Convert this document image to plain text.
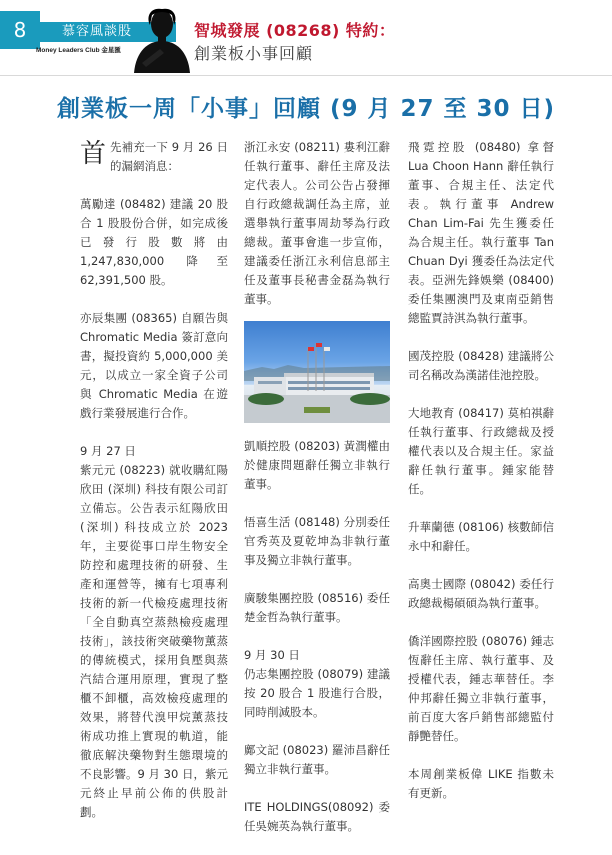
8	慕容風談股
Money Leaders Club 金星匯
智城發展 (08268) 特約：
創業板小事回顧
創業板一周「小事」回顧 (9 月 27 至 30 日)

首先補充一下 9 月 26 日的漏網消息：

萬勵達 (08482) 建議 20 股合 1 股股份合併，如完成後已發行股數將由 1,247,830,000 降至 62,391,500 股。

亦辰集團 (08365) 自願告與 Chromatic Media 簽訂意向書，擬投資約 5,000,000 美元，以成立一家全資子公司與 Chromatic Media 在遊戲行業發展進行合作。

9 月 27 日

紫元元 (08223) 就收購紅陽欣田 (深圳) 科技有限公司訂立備忘。公告表示紅陽欣田 (深圳) 科技成立於 2023 年，主要從事口岸生物安全防控和處理技術的研發、生產和運營等，擁有七項專利技術的新一代檢疫處理技術「全自動真空蒸熱檢疫處理技術」，該技術突破藥物薰蒸的傳統模式，採用負壓與蒸汽結合運用原理，實現了整櫃不卸櫃，高效檢疫處理的效果，將替代溴甲烷薰蒸技術成功推上實現的軌道，能徹底解決藥物對生態環境的不良影響。9 月 30 日，紫元元終止早前公佈的供股計劃。

浙江永安 (08211) 婁利江辭任執行董事、辭任主席及法定代表人。公司公告占發揮自行政總裁調任為主席，並選舉執行董事周劫琴為行政總裁。董事會進一步宣佈，建議委任浙江永利信息部主任及董事長秘書金磊為執行董事。

凱順控股 (08203) 黃潤權由於健康問題辭任獨立非執行董事。

悟喜生活 (08148) 分別委任官秀英及夏乾坤為非執行董事及獨立非執行董事。

廣駿集團控股 (08516) 委任楚金哲為執行董事。

9 月 30 日

仍志集團控股 (08079) 建議按 20 股合 1 股進行合股，同時削減股本。

鄺文記 (08023) 羅沛昌辭任獨立非執行董事。

ITE HOLDINGS(08092) 委任吳婉英為執行董事。

飛霓控股 (08480) 拿督 Lua Choon Hann 辭任執行董事、合規主任、法定代表。執行董事 Andrew Chan Lim-Fai 先生獲委任為合規主任。執行董事 Tan Chuan Dyi 獲委任為法定代表。亞洲先鋒娛樂 (08400) 委任集團澳門及東南亞銷售總監賈詩淇為執行董事。

國茂控股 (08428) 建議將公司名稱改為漢諾佳池控股。

大地教育 (08417) 莫柏祺辭任執行董事、行政總裁及授權代表以及合規主任。家益辭任執行董事。鍾家能替任。

升華蘭德 (08106) 核數師信永中和辭任。

高奧士國際 (08042) 委任行政總裁楊碩碩為執行董事。

僑洋國際控股 (08076) 鍾志恆辭任主席、執行董事、及授權代表，鍾志華替任。李仲邦辭任獨立非執行董事，前百度大客戶銷售部總監付靜艷替任。

本周創業板偉 LIKE 指數未有更新。
